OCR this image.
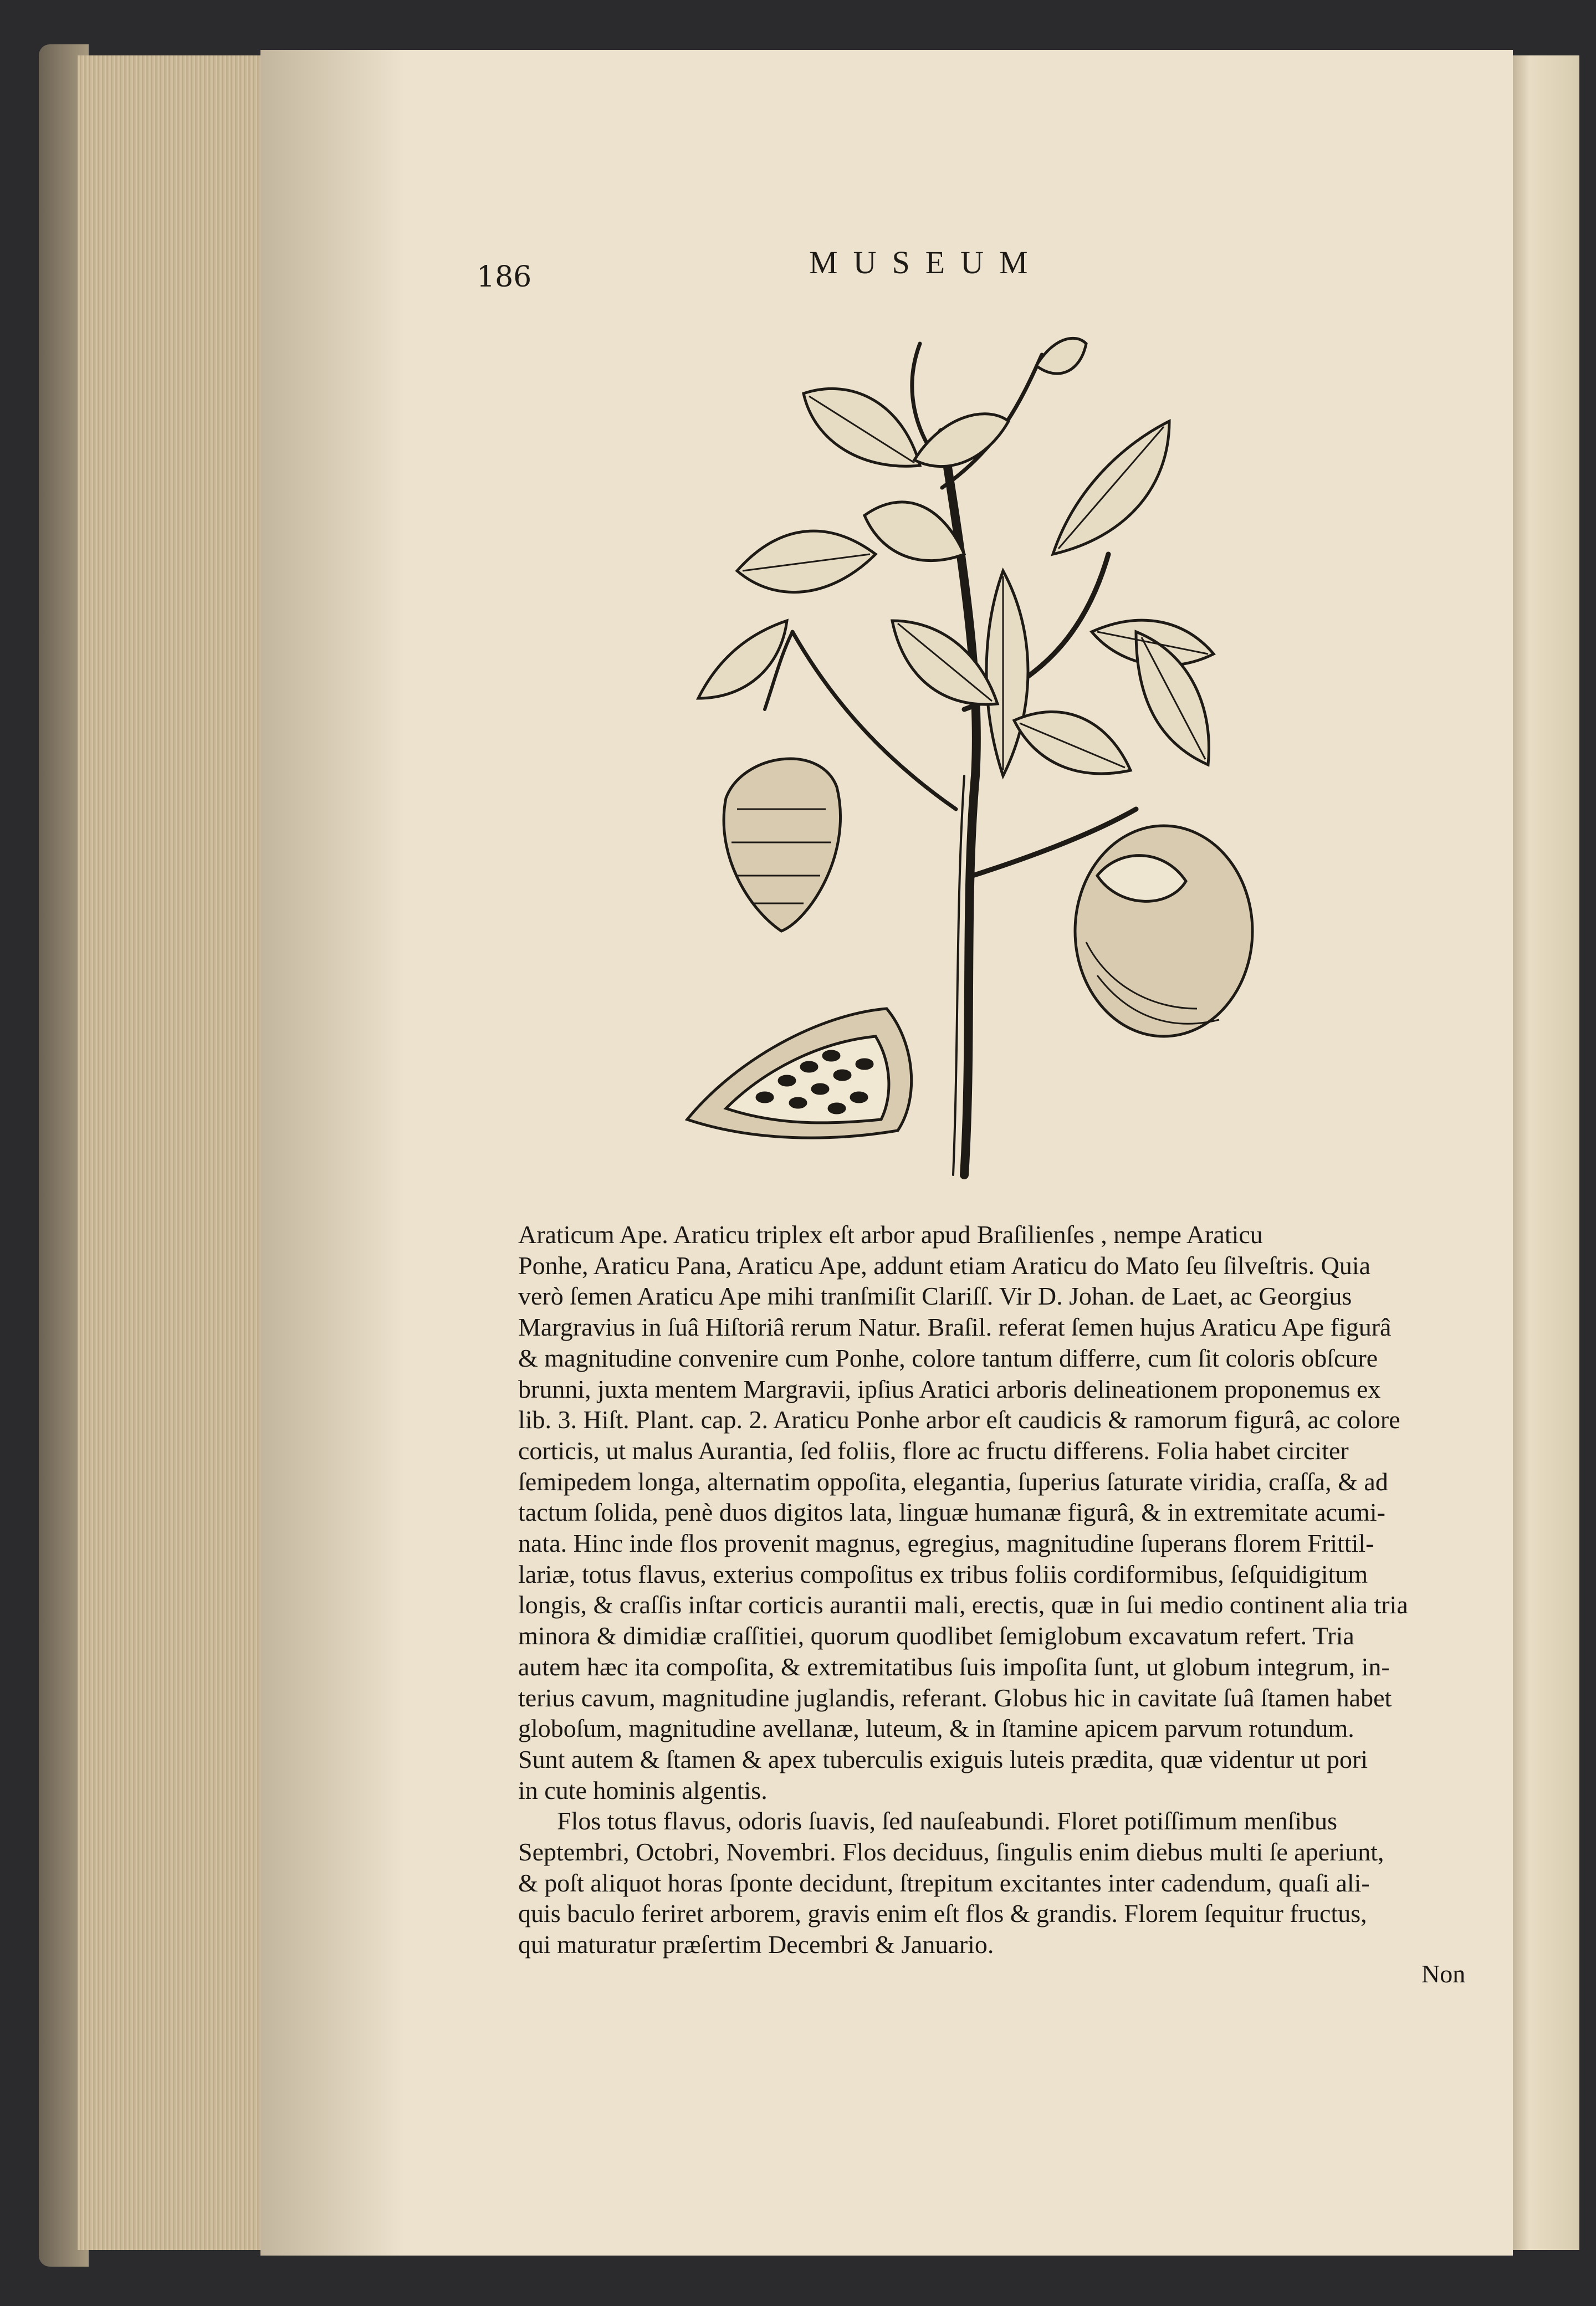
186	MUSEUM
Araticum Ape. Araticu triplex eſt arbor apud Braſilienſes , nempe Araticu
Ponhe, Araticu Pana, Araticu Ape, addunt etiam Araticu do Mato ſeu ſilveſtris. Quia
verò ſemen Araticu Ape mihi tranſmiſit Clariſſ. Vir D. Johan. de Laet, ac Georgius
Margravius in ſuâ Hiſtoriâ rerum Natur. Braſil. referat ſemen hujus Araticu Ape figurâ
& magnitudine convenire cum Ponhe, colore tantum differre, cum ſit coloris obſcure
brunni, juxta mentem Margravii, ipſius Aratici arboris delineationem proponemus ex
lib. 3. Hiſt. Plant. cap. 2. Araticu Ponhe arbor eſt caudicis & ramorum figurâ, ac colore
corticis, ut malus Aurantia, ſed foliis, flore ac fructu differens. Folia habet circiter
ſemipedem longa, alternatim oppoſita, elegantia, ſuperius ſaturate viridia, craſſa, & ad
tactum ſolida, penè duos digitos lata, linguæ humanæ figurâ, & in extremitate acumi-
nata. Hinc inde flos provenit magnus, egregius, magnitudine ſuperans florem Frittil-
lariæ, totus flavus, exterius compoſitus ex tribus foliis cordiformibus, ſeſquidigitum
longis, & craſſis inſtar corticis aurantii mali, erectis, quæ in ſui medio continent alia tria
minora & dimidiæ craſſitiei, quorum quodlibet ſemiglobum excavatum refert. Tria
autem hæc ita compoſita, & extremitatibus ſuis impoſita ſunt, ut globum integrum, in-
terius cavum, magnitudine juglandis, referant. Globus hic in cavitate ſuâ ſtamen habet
globoſum, magnitudine avellanæ, luteum, & in ſtamine apicem parvum rotundum.
Sunt autem & ſtamen & apex tuberculis exiguis luteis prædita, quæ videntur ut pori
in cute hominis algentis.
Flos totus flavus, odoris ſuavis, ſed nauſeabundi. Floret potiſſimum menſibus
Septembri, Octobri, Novembri. Flos deciduus, ſingulis enim diebus multi ſe aperiunt,
& poſt aliquot horas ſponte decidunt, ſtrepitum excitantes inter cadendum, quaſi ali-
quis baculo feriret arborem, gravis enim eſt flos & grandis. Florem ſequitur fructus,
qui maturatur præſertim Decembri & Januario.
Non
